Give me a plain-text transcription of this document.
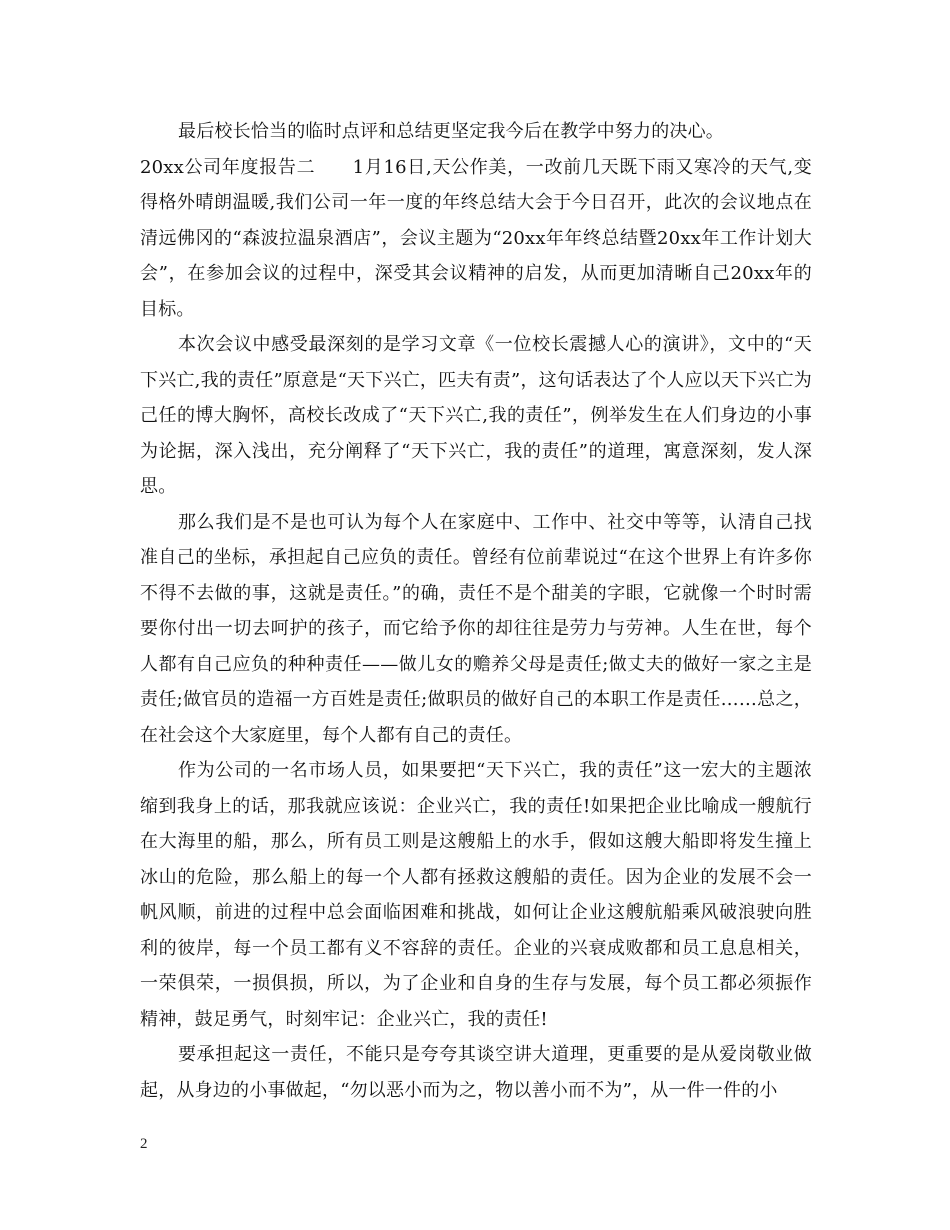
最后校长恰当的临时点评和总结更坚定我今后在教学中努力的决心。

20xx公司年度报告二　　1月16日,天公作美，一改前几天既下雨又寒冷的天气,变得格外晴朗温暖,我们公司一年一度的年终总结大会于今日召开，此次的会议地点在清远佛冈的“森波拉温泉酒店”，会议主题为“20xx年年终总结暨20xx年工作计划大会”，在参加会议的过程中，深受其会议精神的启发，从而更加清晰自己20xx年的目标。

本次会议中感受最深刻的是学习文章《一位校长震撼人心的演讲》，文中的“天下兴亡,我的责任”原意是“天下兴亡，匹夫有责”，这句话表达了个人应以天下兴亡为己任的博大胸怀，高校长改成了“天下兴亡,我的责任”，例举发生在人们身边的小事为论据，深入浅出，充分阐释了“天下兴亡，我的责任”的道理，寓意深刻，发人深思。

那么我们是不是也可认为每个人在家庭中、工作中、社交中等等，认清自己找准自己的坐标，承担起自己应负的责任。曾经有位前辈说过“在这个世界上有许多你不得不去做的事，这就是责任。”的确，责任不是个甜美的字眼，它就像一个时时需要你付出一切去呵护的孩子，而它给予你的却往往是劳力与劳神。人生在世，每个人都有自己应负的种种责任——做儿女的赡养父母是责任;做丈夫的做好一家之主是责任;做官员的造福一方百姓是责任;做职员的做好自己的本职工作是责任……总之，在社会这个大家庭里，每个人都有自己的责任。

作为公司的一名市场人员，如果要把“天下兴亡，我的责任”这一宏大的主题浓缩到我身上的话，那我就应该说：企业兴亡，我的责任!如果把企业比喻成一艘航行在大海里的船，那么，所有员工则是这艘船上的水手，假如这艘大船即将发生撞上冰山的危险，那么船上的每一个人都有拯救这艘船的责任。因为企业的发展不会一帆风顺，前进的过程中总会面临困难和挑战，如何让企业这艘航船乘风破浪驶向胜利的彼岸，每一个员工都有义不容辞的责任。企业的兴衰成败都和员工息息相关，一荣俱荣，一损俱损，所以，为了企业和自身的生存与发展，每个员工都必须振作精神，鼓足勇气，时刻牢记：企业兴亡，我的责任!

要承担起这一责任，不能只是夸夸其谈空讲大道理，更重要的是从爱岗敬业做起，从身边的小事做起，“勿以恶小而为之，物以善小而不为”，从一件一件的小

2
